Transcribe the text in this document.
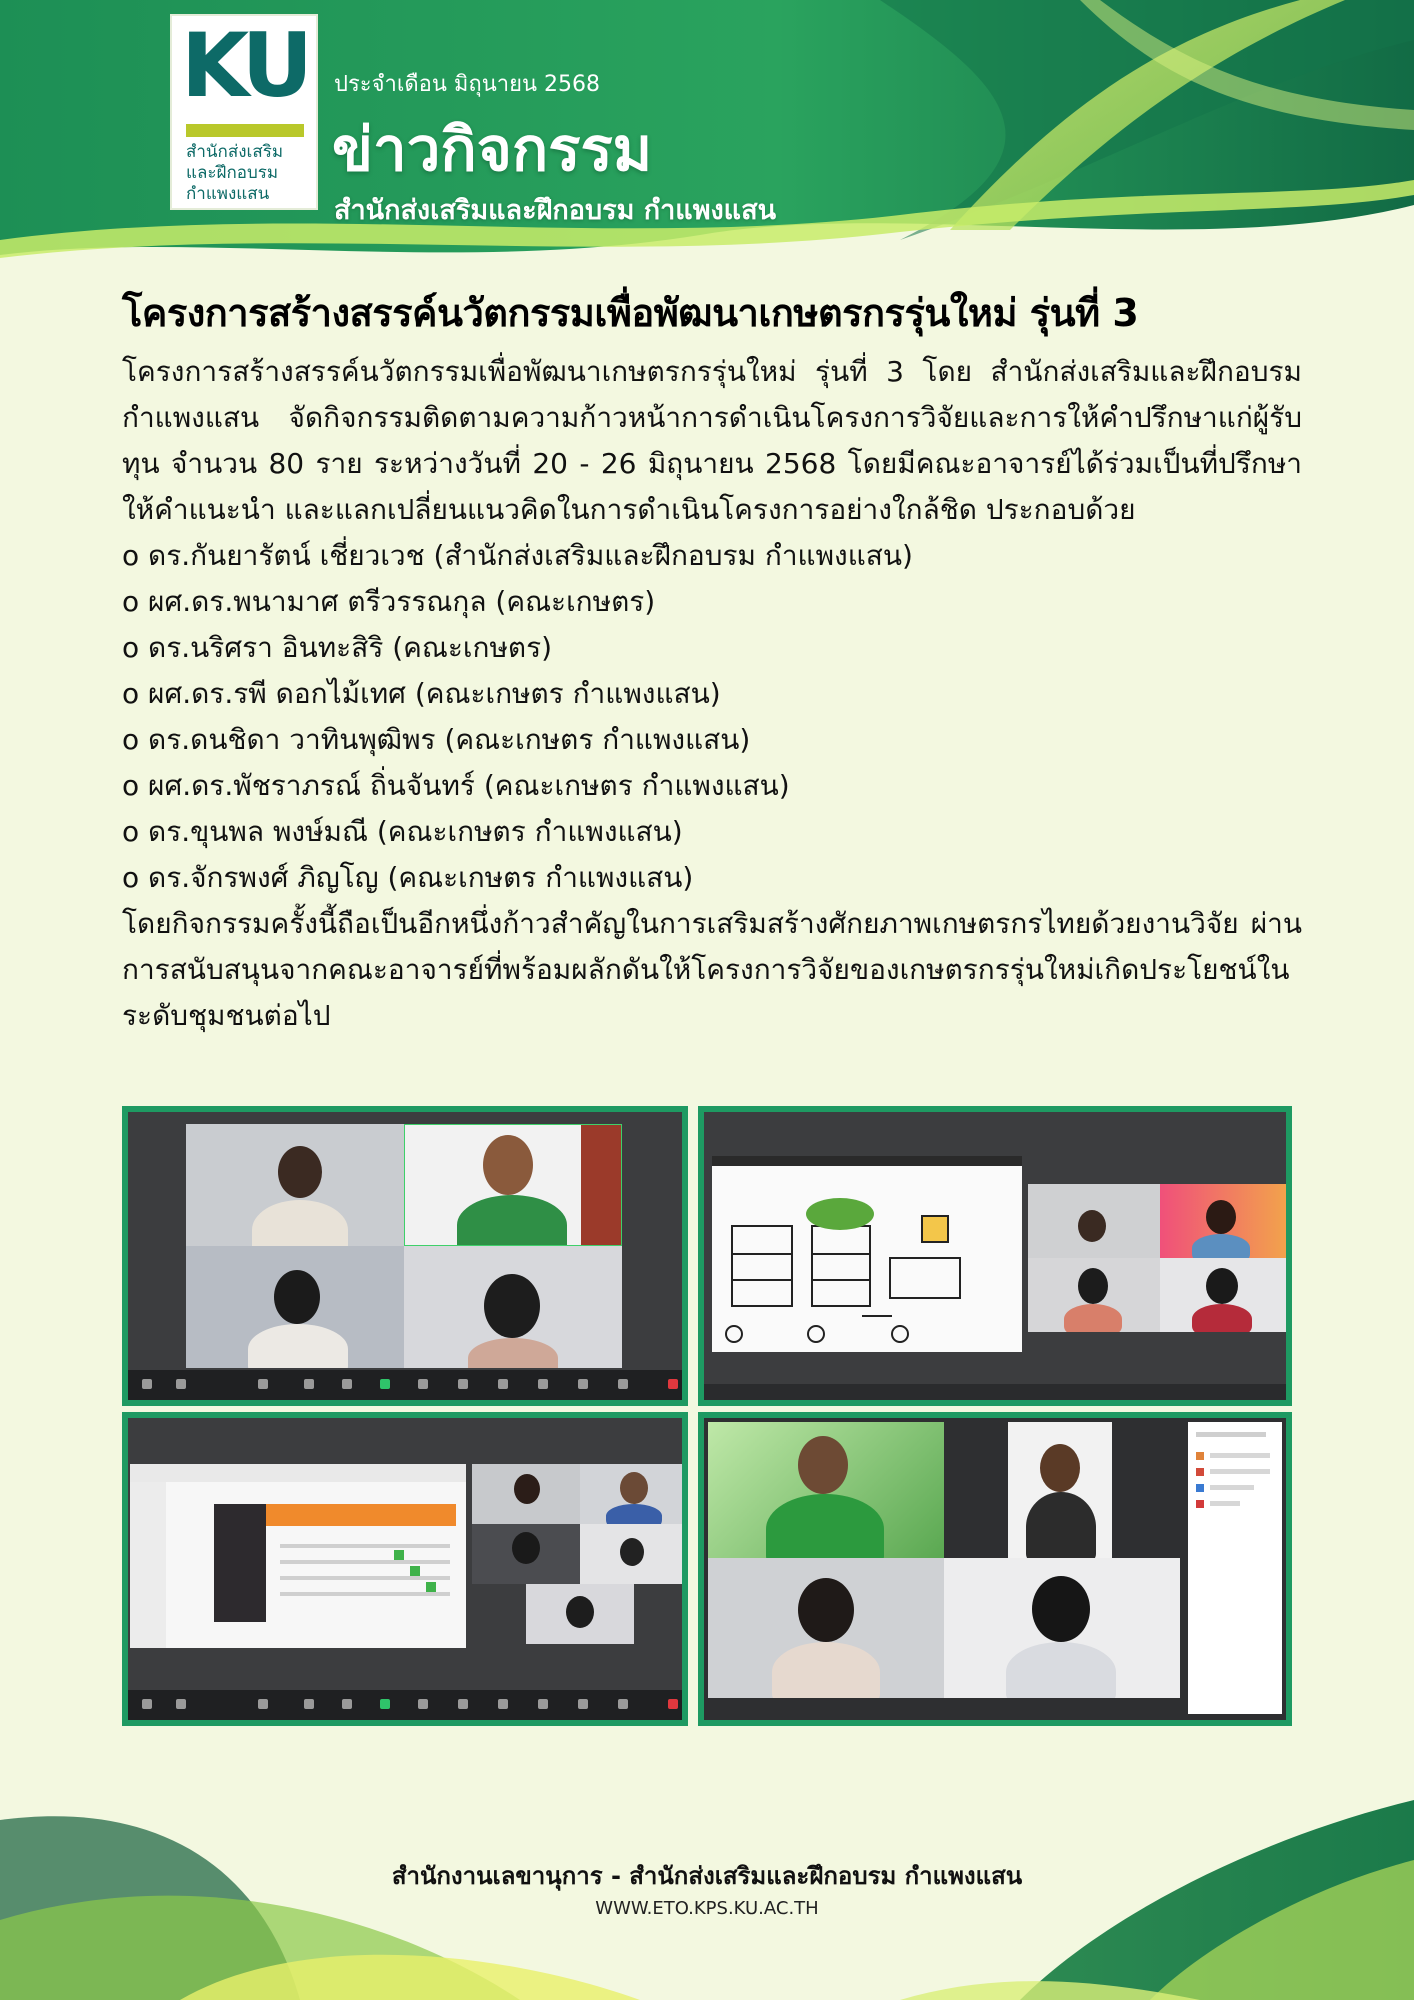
KU
สำนักส่งเสริม
และฝึกอบรม
กำแพงแสน
ประจำเดือน มิถุนายน 2568
ข่าวกิจกรรม
สำนักส่งเสริมและฝึกอบรม กำแพงแสน
โครงการสร้างสรรค์นวัตกรรมเพื่อพัฒนาเกษตรกรรุ่นใหม่ รุ่นที่ 3

โครงการสร้างสรรค์นวัตกรรมเพื่อพัฒนาเกษตรกรรุ่นใหม่ รุ่นที่ 3 โดย สำนักส่งเสริมและฝึกอบรม กำแพงแสน จัดกิจกรรมติดตามความก้าวหน้าการดำเนินโครงการวิจัยและการให้คำปรึกษาแก่ผู้รับทุน จำนวน 80 ราย ระหว่างวันที่ 20 - 26 มิถุนายน 2568 โดยมีคณะอาจารย์ได้ร่วมเป็นที่ปรึกษา ให้คำแนะนำ และแลกเปลี่ยนแนวคิดในการดำเนินโครงการอย่างใกล้ชิด ประกอบด้วย

o ดร.กันยารัตน์ เชี่ยวเวช (สำนักส่งเสริมและฝึกอบรม กำแพงแสน)
o ผศ.ดร.พนามาศ ตรีวรรณกุล (คณะเกษตร)
o ดร.นริศรา อินทะสิริ (คณะเกษตร)
o ผศ.ดร.รพี ดอกไม้เทศ (คณะเกษตร กำแพงแสน)
o ดร.ดนชิดา วาทินพุฒิพร (คณะเกษตร กำแพงแสน)
o ผศ.ดร.พัชราภรณ์ ถิ่นจันทร์ (คณะเกษตร กำแพงแสน)
o ดร.ขุนพล พงษ์มณี (คณะเกษตร กำแพงแสน)
o ดร.จักรพงศ์ ภิญโญ (คณะเกษตร กำแพงแสน)

โดยกิจกรรมครั้งนี้ถือเป็นอีกหนึ่งก้าวสำคัญในการเสริมสร้างศักยภาพเกษตรกรไทยด้วยงานวิจัย ผ่านการสนับสนุนจากคณะอาจารย์ที่พร้อมผลักดันให้โครงการวิจัยของเกษตรกรรุ่นใหม่เกิดประโยชน์ในระดับชุมชนต่อไป

สำนักงานเลขานุการ - สำนักส่งเสริมและฝึกอบรม กำแพงแสน
WWW.ETO.KPS.KU.AC.TH
